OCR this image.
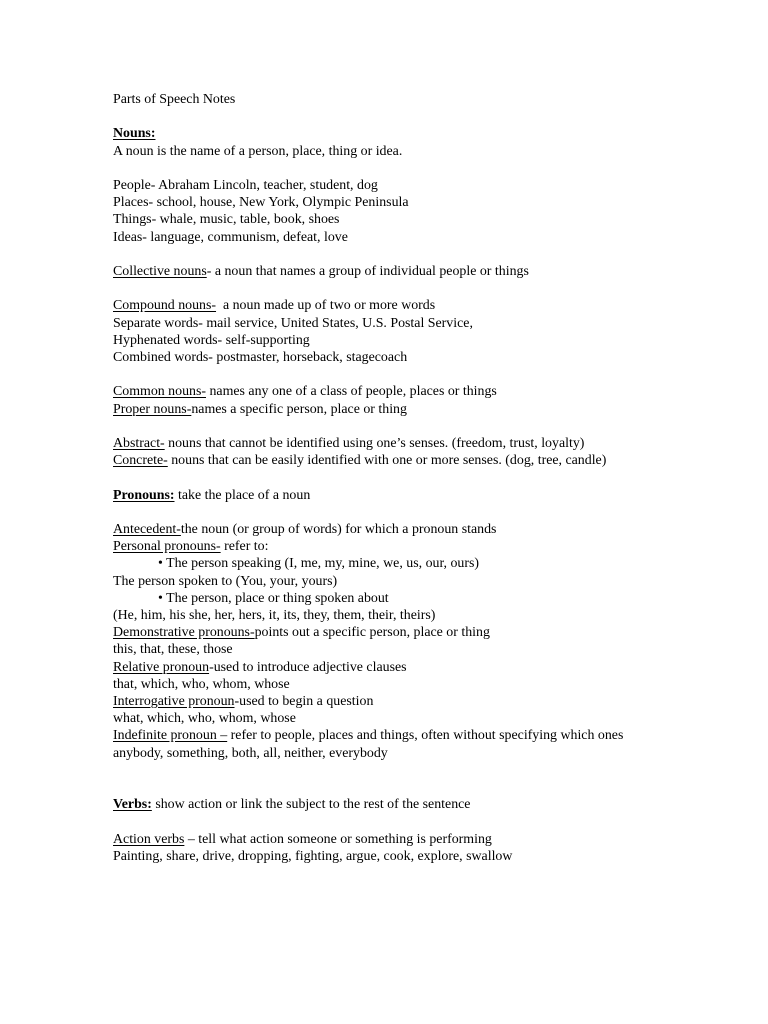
Parts of Speech Notes
Nouns:
A noun is the name of a person, place, thing or idea.
People- Abraham Lincoln, teacher, student, dog
Places- school, house, New York, Olympic Peninsula
Things- whale, music, table, book, shoes
Ideas- language, communism, defeat, love
Collective nouns- a noun that names a group of individual people or things
Compound nouns-  a noun made up of two or more words
Separate words- mail service, United States, U.S. Postal Service,
Hyphenated words- self-supporting
Combined words- postmaster, horseback, stagecoach
Common nouns- names any one of a class of people, places or things
Proper nouns-names a specific person, place or thing
Abstract- nouns that cannot be identified using one’s senses. (freedom, trust, loyalty)
Concrete- nouns that can be easily identified with one or more senses. (dog, tree, candle)
Pronouns: take the place of a noun
Antecedent-the noun (or group of words) for which a pronoun stands
Personal pronouns- refer to:
• The person speaking (I, me, my, mine, we, us, our, ours)
The person spoken to (You, your, yours)
• The person, place or thing spoken about
(He, him, his she, her, hers, it, its, they, them, their, theirs)
Demonstrative pronouns-points out a specific person, place or thing
this, that, these, those
Relative pronoun-used to introduce adjective clauses
that, which, who, whom, whose
Interrogative pronoun-used to begin a question
what, which, who, whom, whose
Indefinite pronoun – refer to people, places and things, often without specifying which ones
anybody, something, both, all, neither, everybody
Verbs: show action or link the subject to the rest of the sentence
Action verbs – tell what action someone or something is performing
Painting, share, drive, dropping, fighting, argue, cook, explore, swallow
